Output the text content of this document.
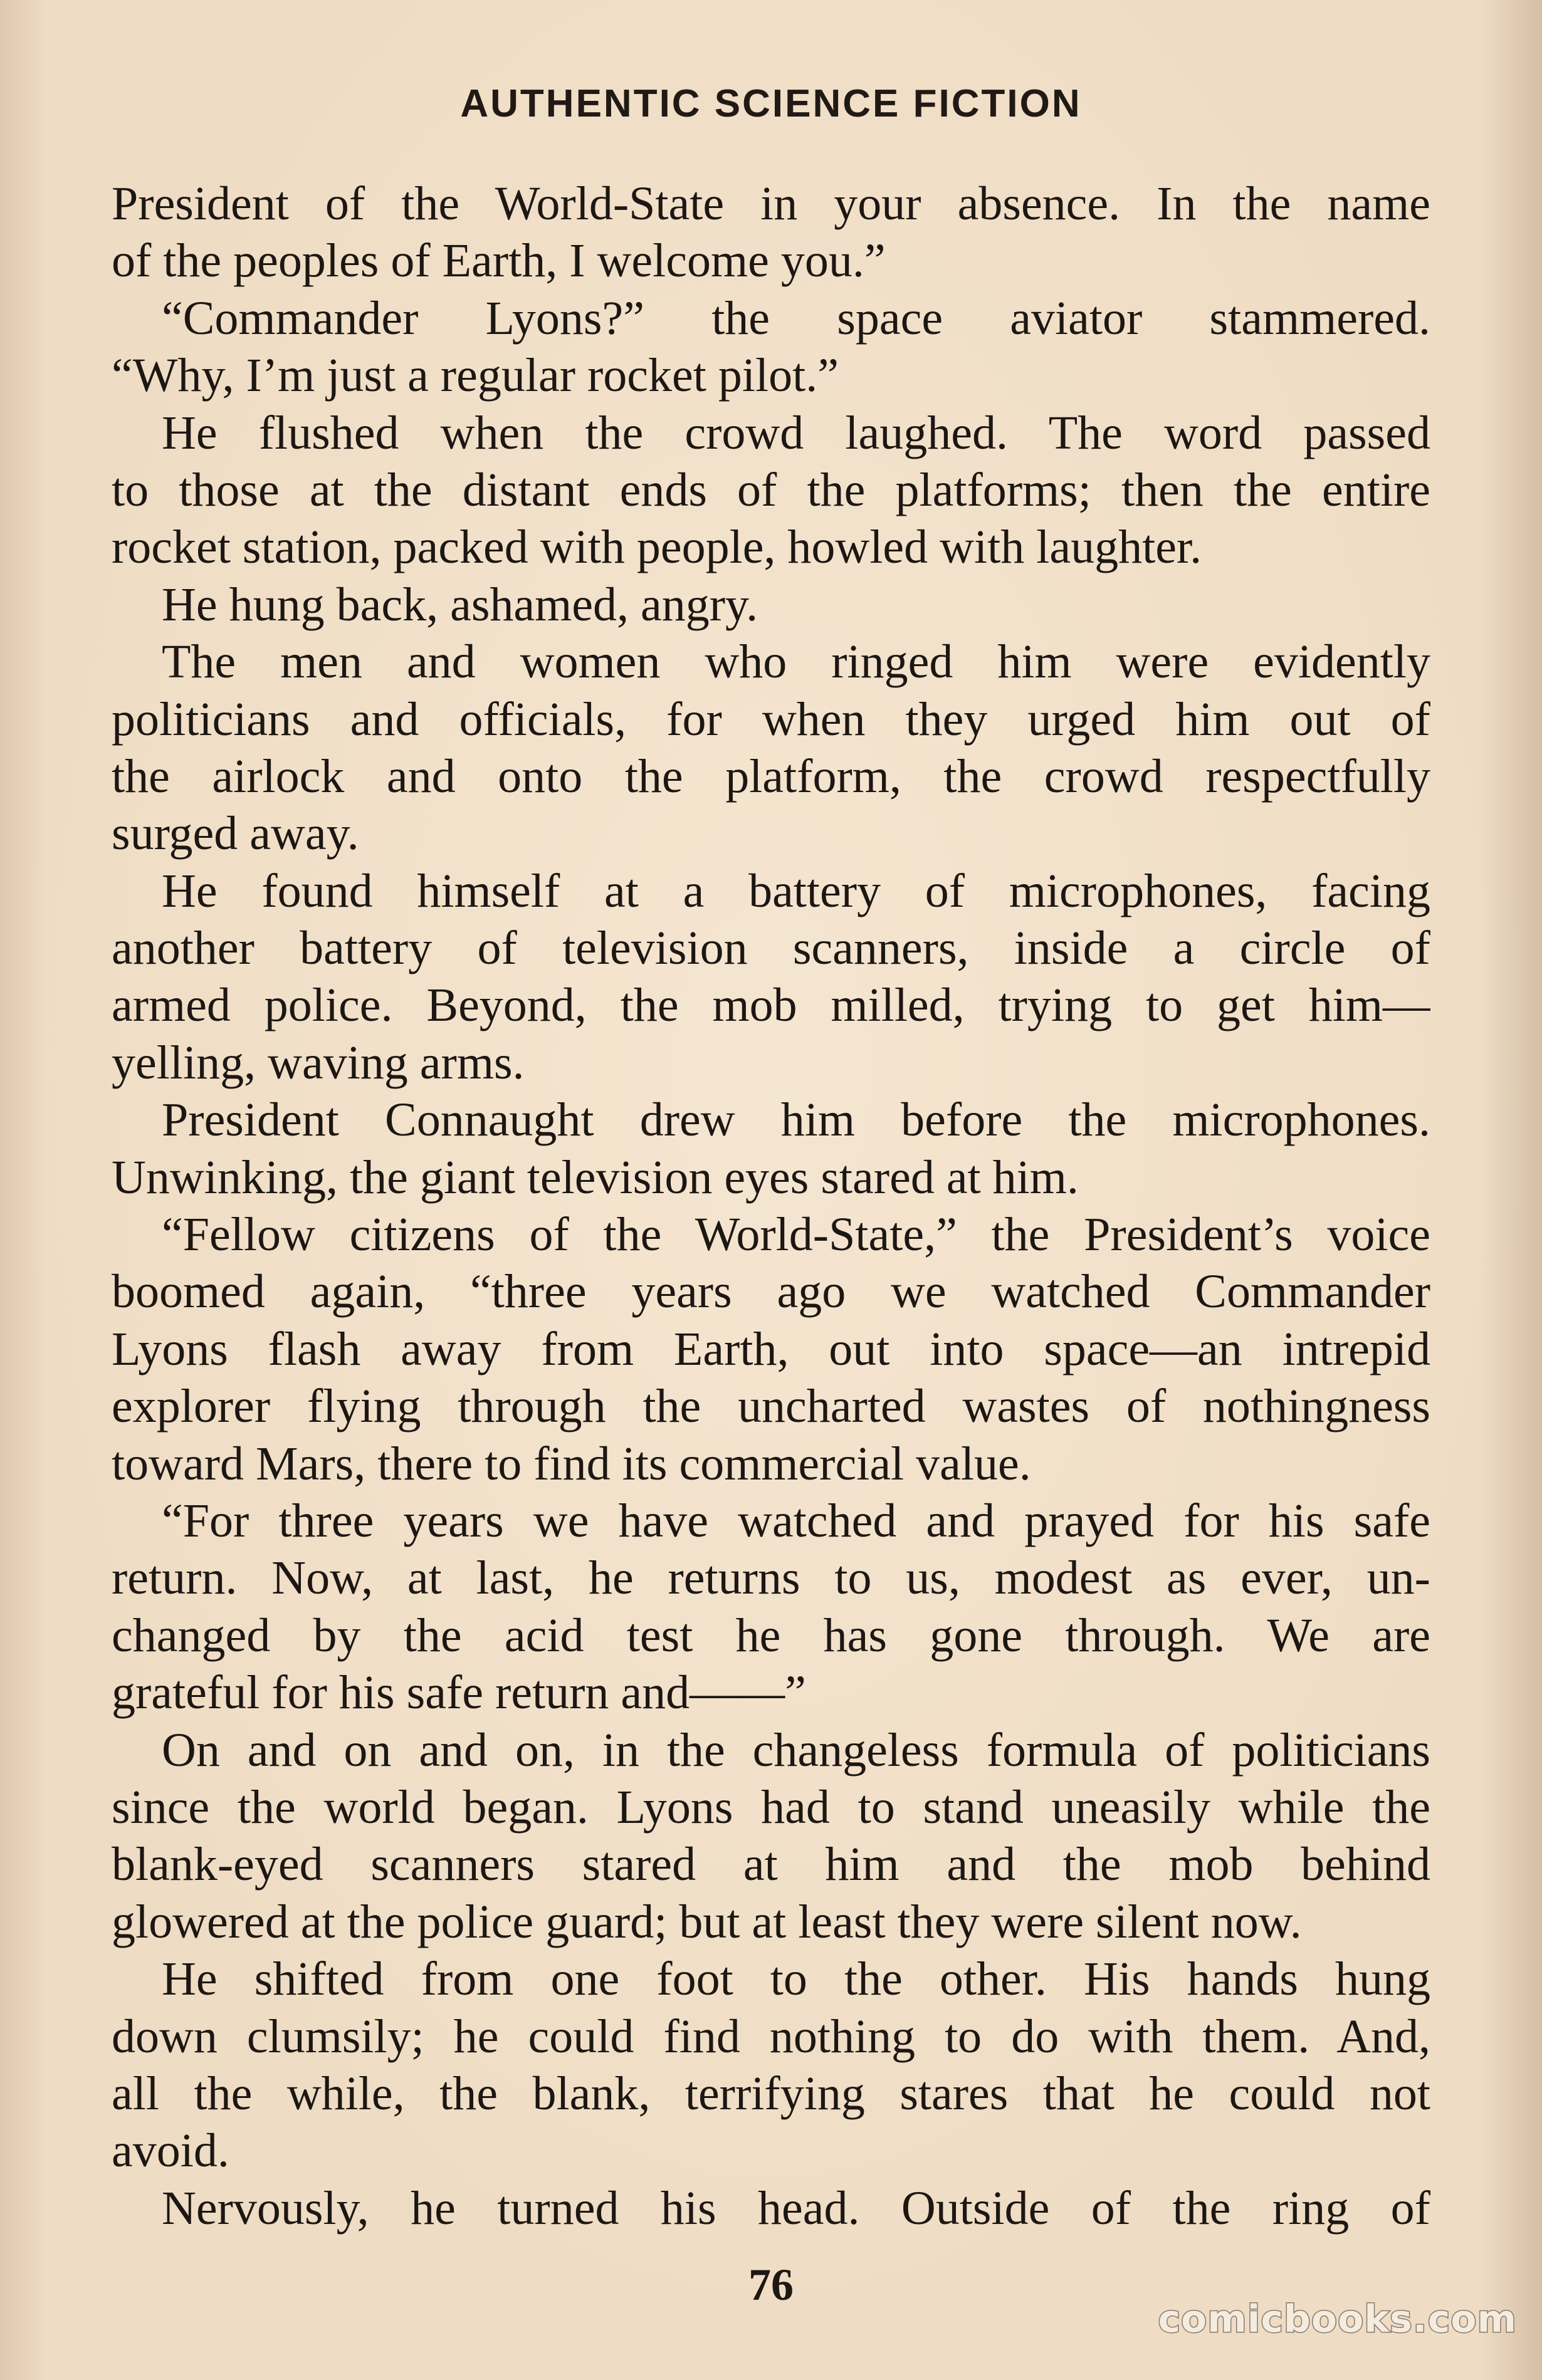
AUTHENTIC SCIENCE FICTION
President of the World-State in your absence. In the name
of the peoples of Earth, I welcome you.”
“Commander Lyons?” the space aviator stammered.
“Why, I’m just a regular rocket pilot.”
He flushed when the crowd laughed. The word passed
to those at the distant ends of the platforms; then the entire
rocket station, packed with people, howled with laughter.
He hung back, ashamed, angry.
The men and women who ringed him were evidently
politicians and officials, for when they urged him out of
the airlock and onto the platform, the crowd respectfully
surged away.
He found himself at a battery of microphones, facing
another battery of television scanners, inside a circle of
armed police. Beyond, the mob milled, trying to get him—
yelling, waving arms.
President Connaught drew him before the microphones.
Unwinking, the giant television eyes stared at him.
“Fellow citizens of the World-State,” the President’s voice
boomed again, “three years ago we watched Commander
Lyons flash away from Earth, out into space—an intrepid
explorer flying through the uncharted wastes of nothingness
toward Mars, there to find its commercial value.
“For three years we have watched and prayed for his safe
return. Now, at last, he returns to us, modest as ever, un-
changed by the acid test he has gone through. We are
grateful for his safe return and——”
On and on and on, in the changeless formula of politicians
since the world began. Lyons had to stand uneasily while the
blank-eyed scanners stared at him and the mob behind
glowered at the police guard; but at least they were silent now.
He shifted from one foot to the other. His hands hung
down clumsily; he could find nothing to do with them. And,
all the while, the blank, terrifying stares that he could not
avoid.
Nervously, he turned his head. Outside of the ring of
76
comicbooks.com
